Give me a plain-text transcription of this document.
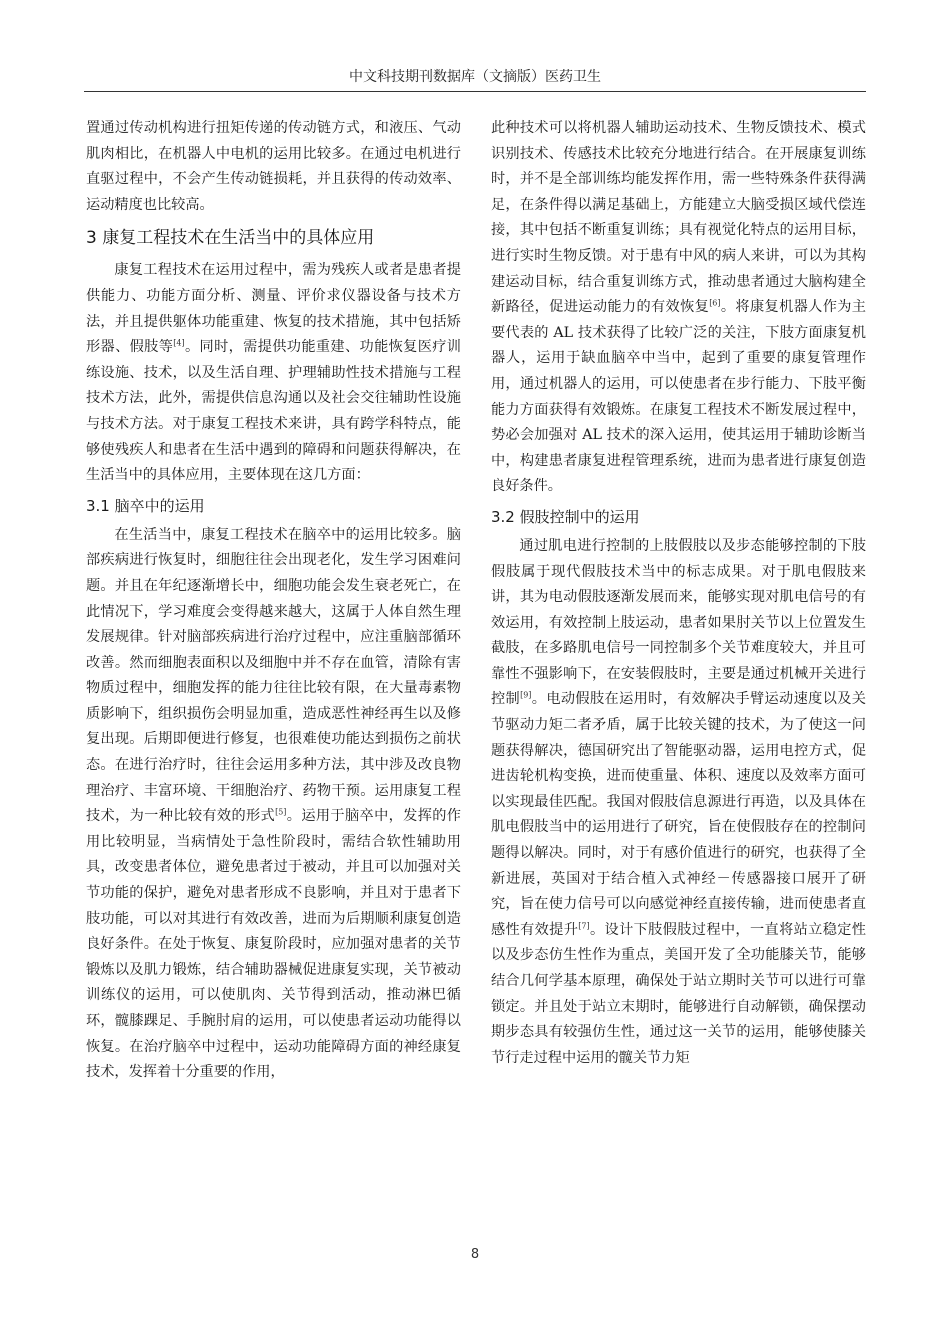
中文科技期刊数据库（文摘版）医药卫生

置通过传动机构进行扭矩传递的传动链方式，和液压、气动肌肉相比，在机器人中电机的运用比较多。在通过电机进行直驱过程中，不会产生传动链损耗，并且获得的传动效率、运动精度也比较高。

3 康复工程技术在生活当中的具体应用

康复工程技术在运用过程中，需为残疾人或者是患者提供能力、功能方面分析、测量、评价求仪器设备与技术方法，并且提供躯体功能重建、恢复的技术措施，其中包括矫形器、假肢等[4]。同时，需提供功能重建、功能恢复医疗训练设施、技术，以及生活自理、护理辅助性技术措施与工程技术方法，此外，需提供信息沟通以及社会交往辅助性设施与技术方法。对于康复工程技术来讲，具有跨学科特点，能够使残疾人和患者在生活中遇到的障碍和问题获得解决，在生活当中的具体应用，主要体现在这几方面：

3.1 脑卒中的运用

在生活当中，康复工程技术在脑卒中的运用比较多。脑部疾病进行恢复时，细胞往往会出现老化，发生学习困难问题。并且在年纪逐渐增长中，细胞功能会发生衰老死亡，在此情况下，学习难度会变得越来越大，这属于人体自然生理发展规律。针对脑部疾病进行治疗过程中，应注重脑部循环改善。然而细胞表面积以及细胞中并不存在血管，清除有害物质过程中，细胞发挥的能力往往比较有限，在大量毒素物质影响下，组织损伤会明显加重，造成恶性神经再生以及修复出现。后期即便进行修复，也很难使功能达到损伤之前状态。在进行治疗时，往往会运用多种方法，其中涉及改良物理治疗、丰富环境、干细胞治疗、药物干预。运用康复工程技术，为一种比较有效的形式[5]。运用于脑卒中，发挥的作用比较明显，当病情处于急性阶段时，需结合软性辅助用具，改变患者体位，避免患者过于被动，并且可以加强对关节功能的保护，避免对患者形成不良影响，并且对于患者下肢功能，可以对其进行有效改善，进而为后期顺利康复创造良好条件。在处于恢复、康复阶段时，应加强对患者的关节锻炼以及肌力锻炼，结合辅助器械促进康复实现，关节被动训练仪的运用，可以使肌肉、关节得到活动，推动淋巴循环，髋膝踝足、手腕肘肩的运用，可以使患者运动功能得以恢复。在治疗脑卒中过程中，运动功能障碍方面的神经康复技术，发挥着十分重要的作用，

此种技术可以将机器人辅助运动技术、生物反馈技术、模式识别技术、传感技术比较充分地进行结合。在开展康复训练时，并不是全部训练均能发挥作用，需一些特殊条件获得满足，在条件得以满足基础上，方能建立大脑受损区域代偿连接，其中包括不断重复训练；具有视觉化特点的运用目标，进行实时生物反馈。对于患有中风的病人来讲，可以为其构建运动目标，结合重复训练方式，推动患者通过大脑构建全新路径，促进运动能力的有效恢复[6]。将康复机器人作为主要代表的 AL 技术获得了比较广泛的关注，下肢方面康复机器人，运用于缺血脑卒中当中，起到了重要的康复管理作用，通过机器人的运用，可以使患者在步行能力、下肢平衡能力方面获得有效锻炼。在康复工程技术不断发展过程中，势必会加强对 AL 技术的深入运用，使其运用于辅助诊断当中，构建患者康复进程管理系统，进而为患者进行康复创造良好条件。

3.2 假肢控制中的运用

通过肌电进行控制的上肢假肢以及步态能够控制的下肢假肢属于现代假肢技术当中的标志成果。对于肌电假肢来讲，其为电动假肢逐渐发展而来，能够实现对肌电信号的有效运用，有效控制上肢运动，患者如果肘关节以上位置发生截肢，在多路肌电信号一同控制多个关节难度较大，并且可靠性不强影响下，在安装假肢时，主要是通过机械开关进行控制[9]。电动假肢在运用时，有效解决手臂运动速度以及关节驱动力矩二者矛盾，属于比较关键的技术，为了使这一问题获得解决，德国研究出了智能驱动器，运用电控方式，促进齿轮机构变换，进而使重量、体积、速度以及效率方面可以实现最佳匹配。我国对假肢信息源进行再造，以及具体在肌电假肢当中的运用进行了研究，旨在使假肢存在的控制问题得以解决。同时，对于有感价值进行的研究，也获得了全新进展，英国对于结合植入式神经－传感器接口展开了研究，旨在使力信号可以向感觉神经直接传输，进而使患者直感性有效提升[7]。设计下肢假肢过程中，一直将站立稳定性以及步态仿生性作为重点，美国开发了全功能膝关节，能够结合几何学基本原理，确保处于站立期时关节可以进行可靠锁定。并且处于站立末期时，能够进行自动解锁，确保摆动期步态具有较强仿生性，通过这一关节的运用，能够使膝关节行走过程中运用的髋关节力矩

8
